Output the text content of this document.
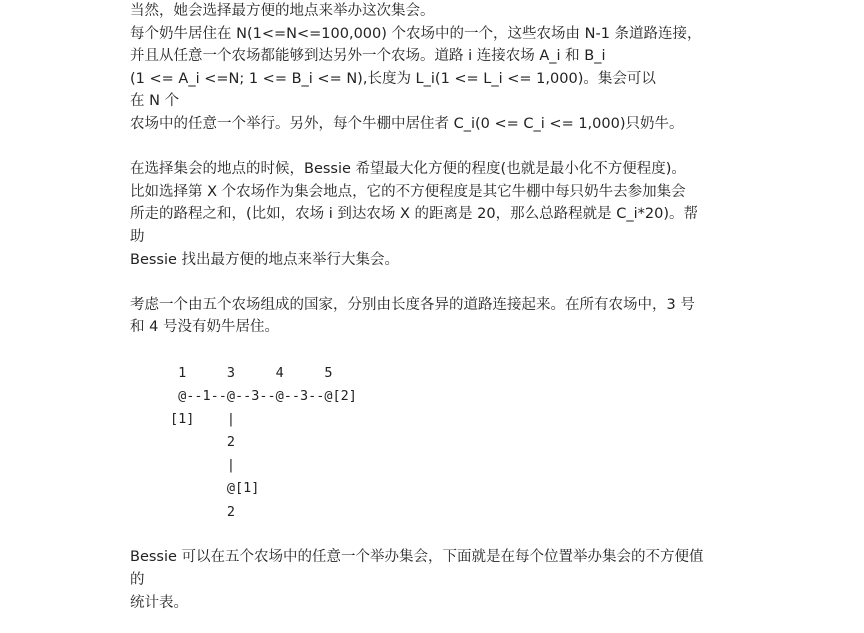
当然，她会选择最方便的地点来举办这次集会。
每个奶牛居住在 N(1<=N<=100,000) 个农场中的一个，这些农场由 N-1 条道路连接，
并且从任意一个农场都能够到达另外一个农场。道路 i 连接农场 A_i 和 B_i
(1 <= A_i <=N; 1 <= B_i <= N),长度为 L_i(1 <= L_i <= 1,000)。集会可以
在 N 个
农场中的任意一个举行。另外，每个牛棚中居住者 C_i(0 <= C_i <= 1,000)只奶牛。
在选择集会的地点的时候，Bessie 希望最大化方便的程度(也就是最小化不方便程度)。
比如选择第 X 个农场作为集会地点，它的不方便程度是其它牛棚中每只奶牛去参加集会
所走的路程之和，(比如，农场 i 到达农场 X 的距离是 20，那么总路程就是 C_i*20)。帮
助
Bessie 找出最方便的地点来举行大集会。
考虑一个由五个农场组成的国家，分别由长度各异的道路连接起来。在所有农场中，3 号
和 4 号没有奶牛居住。
1     3     4     5
@--1--@--3--@--3--@[2]
[1]    |
2
|
@[1]
2
Bessie 可以在五个农场中的任意一个举办集会，下面就是在每个位置举办集会的不方便值
的
统计表。
